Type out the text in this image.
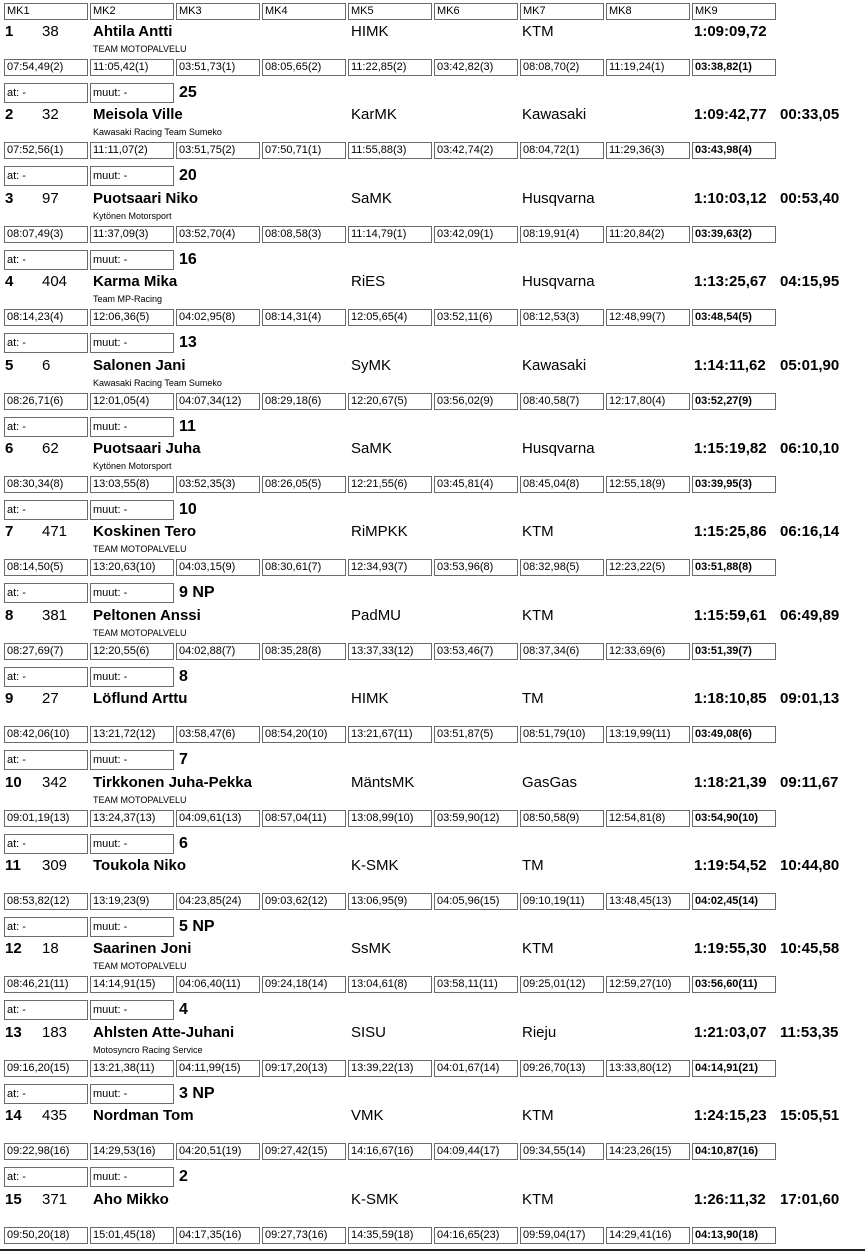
MK1	MK2	MK3	MK4	MK5	MK6	MK7	MK8	MK9
1	38	Ahtila Antti	HIMK	KTM	1:09:09,72
TEAM MOTOPALVELU
07:54,49(2)	11:05,42(1)	03:51,73(1)	08:05,65(2)	11:22,85(2)	03:42,82(3)	08:08,70(2)	11:19,24(1)	03:38,82(1)
at: -	muut: -	25
2	32	Meisola Ville	KarMK	Kawasaki	1:09:42,77 00:33,05
Kawasaki Racing Team Sumeko
07:52,56(1)	11:11,07(2)	03:51,75(2)	07:50,71(1)	11:55,88(3)	03:42,74(2)	08:04,72(1)	11:29,36(3)	03:43,98(4)
at: -	muut: -	20
3	97	Puotsaari Niko	SaMK	Husqvarna	1:10:03,12 00:53,40
Kytönen Motorsport
08:07,49(3)	11:37,09(3)	03:52,70(4)	08:08,58(3)	11:14,79(1)	03:42,09(1)	08:19,91(4)	11:20,84(2)	03:39,63(2)
at: -	muut: -	16
4	404	Karma Mika	RiES	Husqvarna	1:13:25,67 04:15,95
Team MP-Racing
08:14,23(4)	12:06,36(5)	04:02,95(8)	08:14,31(4)	12:05,65(4)	03:52,11(6)	08:12,53(3)	12:48,99(7)	03:48,54(5)
at: -	muut: -	13
5	6	Salonen Jani	SyMK	Kawasaki	1:14:11,62 05:01,90
Kawasaki Racing Team Sumeko
08:26,71(6)	12:01,05(4)	04:07,34(12)	08:29,18(6)	12:20,67(5)	03:56,02(9)	08:40,58(7)	12:17,80(4)	03:52,27(9)
at: -	muut: -	11
6	62	Puotsaari Juha	SaMK	Husqvarna	1:15:19,82 06:10,10
Kytönen Motorsport
08:30,34(8)	13:03,55(8)	03:52,35(3)	08:26,05(5)	12:21,55(6)	03:45,81(4)	08:45,04(8)	12:55,18(9)	03:39,95(3)
at: -	muut: -	10
7	471	Koskinen Tero	RiMPKK	KTM	1:15:25,86 06:16,14
TEAM MOTOPALVELU
08:14,50(5)	13:20,63(10)	04:03,15(9)	08:30,61(7)	12:34,93(7)	03:53,96(8)	08:32,98(5)	12:23,22(5)	03:51,88(8)
at: -	muut: -	9 NP
8	381	Peltonen Anssi	PadMU	KTM	1:15:59,61 06:49,89
TEAM MOTOPALVELU
08:27,69(7)	12:20,55(6)	04:02,88(7)	08:35,28(8)	13:37,33(12)	03:53,46(7)	08:37,34(6)	12:33,69(6)	03:51,39(7)
at: -	muut: -	8
9	27	Löflund Arttu	HIMK	TM	1:18:10,85 09:01,13
08:42,06(10)	13:21,72(12)	03:58,47(6)	08:54,20(10)	13:21,67(11)	03:51,87(5)	08:51,79(10)	13:19,99(11)	03:49,08(6)
at: -	muut: -	7
10	342	Tirkkonen Juha-Pekka	MäntsMK	GasGas	1:18:21,39 09:11,67
TEAM MOTOPALVELU
09:01,19(13)	13:24,37(13)	04:09,61(13)	08:57,04(11)	13:08,99(10)	03:59,90(12)	08:50,58(9)	12:54,81(8)	03:54,90(10)
at: -	muut: -	6
11	309	Toukola Niko	K-SMK	TM	1:19:54,52 10:44,80
08:53,82(12)	13:19,23(9)	04:23,85(24)	09:03,62(12)	13:06,95(9)	04:05,96(15)	09:10,19(11)	13:48,45(13)	04:02,45(14)
at: -	muut: -	5 NP
12	18	Saarinen Joni	SsMK	KTM	1:19:55,30 10:45,58
TEAM MOTOPALVELU
08:46,21(11)	14:14,91(15)	04:06,40(11)	09:24,18(14)	13:04,61(8)	03:58,11(11)	09:25,01(12)	12:59,27(10)	03:56,60(11)
at: -	muut: -	4
13	183	Ahlsten Atte-Juhani	SISU	Rieju	1:21:03,07 11:53,35
Motosyncro Racing Service
09:16,20(15)	13:21,38(11)	04:11,99(15)	09:17,20(13)	13:39,22(13)	04:01,67(14)	09:26,70(13)	13:33,80(12)	04:14,91(21)
at: -	muut: -	3 NP
14	435	Nordman Tom	VMK	KTM	1:24:15,23 15:05,51
09:22,98(16)	14:29,53(16)	04:20,51(19)	09:27,42(15)	14:16,67(16)	04:09,44(17)	09:34,55(14)	14:23,26(15)	04:10,87(16)
at: -	muut: -	2
15	371	Aho Mikko	K-SMK	KTM	1:26:11,32 17:01,60
09:50,20(18)	15:01,45(18)	04:17,35(16)	09:27,73(16)	14:35,59(18)	04:16,65(23)	09:59,04(17)	14:29,41(16)	04:13,90(18)
